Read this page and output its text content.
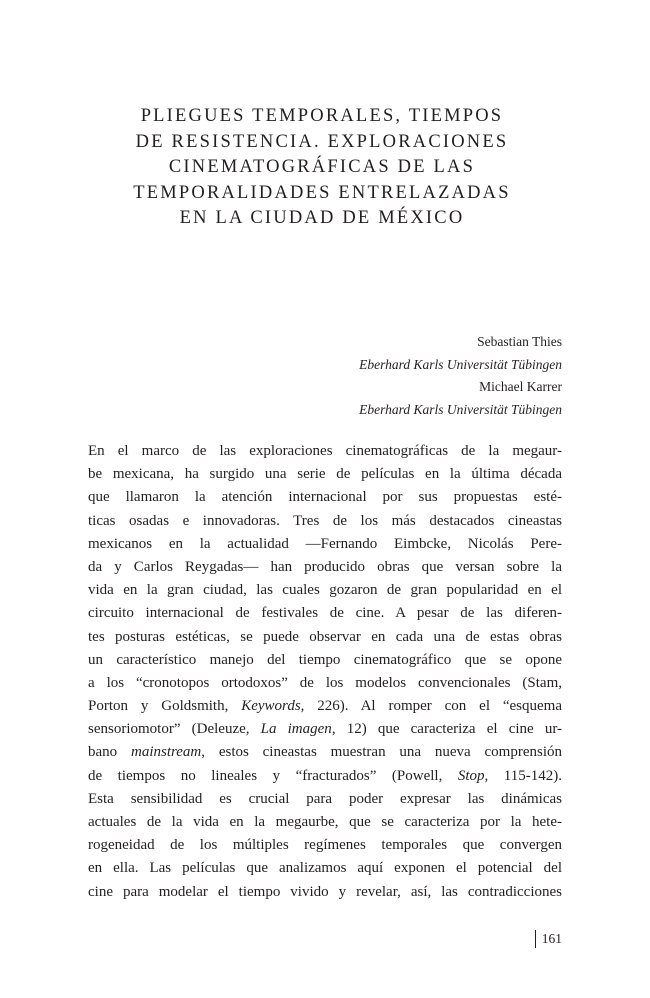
PLIEGUES TEMPORALES, TIEMPOS
DE RESISTENCIA. EXPLORACIONES
CINEMATOGRÁFICAS DE LAS
TEMPORALIDADES ENTRELAZADAS
EN LA CIUDAD DE MÉXICO
Sebastian Thies
Eberhard Karls Universität Tübingen
Michael Karrer
Eberhard Karls Universität Tübingen
En el marco de las exploraciones cinematográficas de la megaur-
be mexicana, ha surgido una serie de películas en la última década
que llamaron la atención internacional por sus propuestas esté-
ticas osadas e innovadoras. Tres de los más destacados cineastas
mexicanos en la actualidad —Fernando Eimbcke, Nicolás Pere-
da y Carlos Reygadas— han producido obras que versan sobre la
vida en la gran ciudad, las cuales gozaron de gran popularidad en el
circuito internacional de festivales de cine. A pesar de las diferen-
tes posturas estéticas, se puede observar en cada una de estas obras
un característico manejo del tiempo cinematográfico que se opone
a los “cronotopos ortodoxos” de los modelos convencionales (Stam,
Porton y Goldsmith, Keywords, 226). Al romper con el “esquema
sensoriomotor” (Deleuze, La imagen, 12) que caracteriza el cine ur-
bano mainstream, estos cineastas muestran una nueva comprensión
de tiempos no lineales y “fracturados” (Powell, Stop, 115-142).
Esta sensibilidad es crucial para poder expresar las dinámicas
actuales de la vida en la megaurbe, que se caracteriza por la hete-
rogeneidad de los múltiples regímenes temporales que convergen
en ella. Las películas que analizamos aquí exponen el potencial del
cine para modelar el tiempo vivido y revelar, así, las contradicciones
161
